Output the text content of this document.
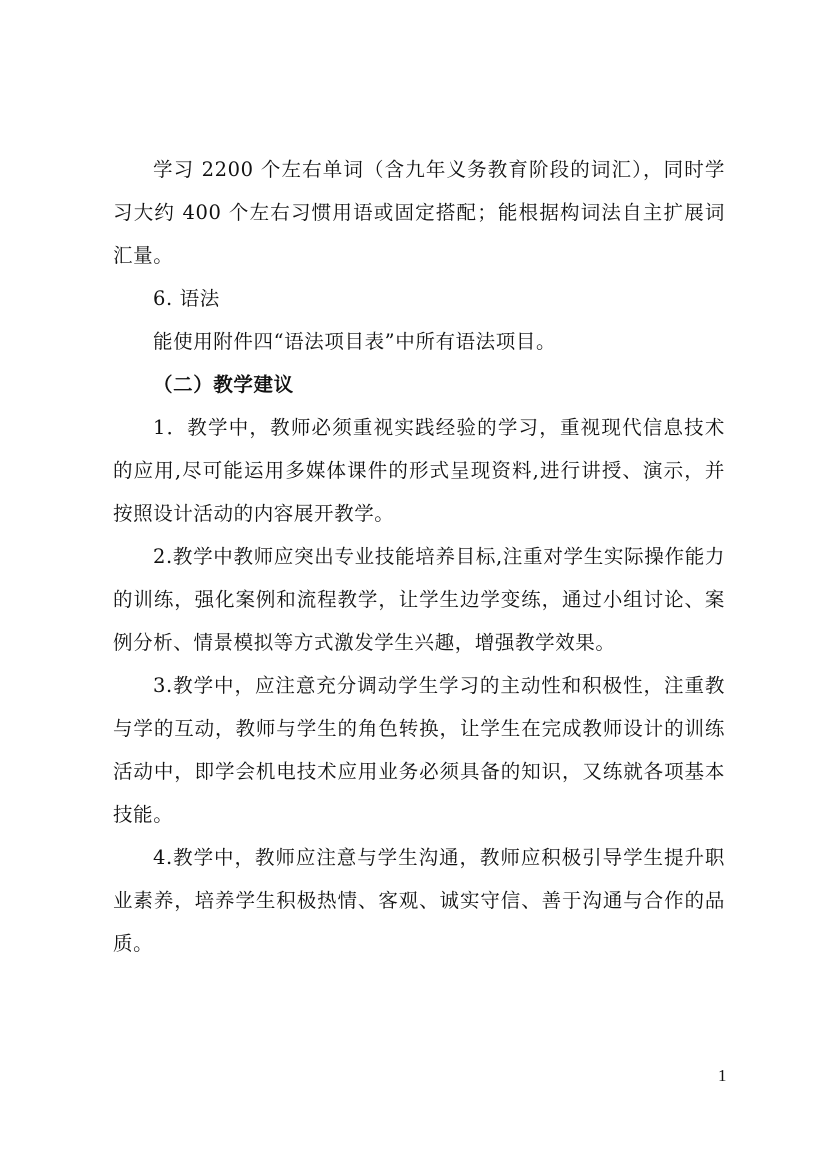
学习 2200 个左右单词（含九年义务教育阶段的词汇），同时学习大约 400 个左右习惯用语或固定搭配；能根据构词法自主扩展词汇量。

6. 语法

能使用附件四“语法项目表”中所有语法项目。

（二）教学建议

1．教学中，教师必须重视实践经验的学习，重视现代信息技术的应用,尽可能运用多媒体课件的形式呈现资料,进行讲授、演示，并按照设计活动的内容展开教学。

2.教学中教师应突出专业技能培养目标,注重对学生实际操作能力的训练，强化案例和流程教学，让学生边学变练，通过小组讨论、案例分析、情景模拟等方式激发学生兴趣，增强教学效果。

3.教学中，应注意充分调动学生学习的主动性和积极性，注重教与学的互动，教师与学生的角色转换，让学生在完成教师设计的训练活动中，即学会机电技术应用业务必须具备的知识，又练就各项基本技能。

4.教学中，教师应注意与学生沟通，教师应积极引导学生提升职业素养，培养学生积极热情、客观、诚实守信、善于沟通与合作的品质。

1
